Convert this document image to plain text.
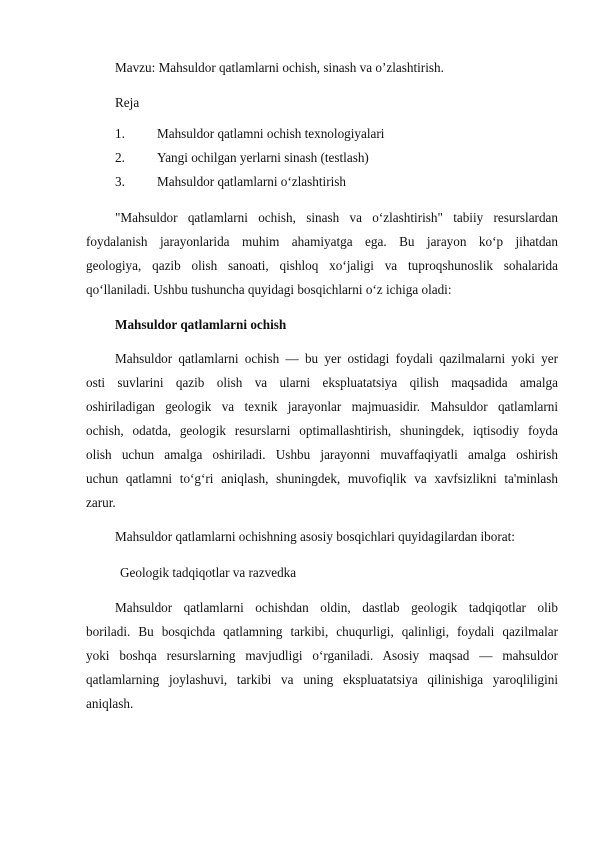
Mavzu: Mahsuldor qatlamlarni ochish, sinash va o’zlashtirish.
Reja
1. Mahsuldor qatlamni ochish texnologiyalari
2. Yangi ochilgan yerlarni sinash (testlash)
3. Mahsuldor qatlamlarni o‘zlashtirish
"Mahsuldor qatlamlarni ochish, sinash va o‘zlashtirish" tabiiy resurslardan
foydalanish jarayonlarida muhim ahamiyatga ega. Bu jarayon ko‘p jihatdan
geologiya, qazib olish sanoati, qishloq xo‘jaligi va tuproqshunoslik sohalarida
qo‘llaniladi. Ushbu tushuncha quyidagi bosqichlarni o‘z ichiga oladi:
Mahsuldor qatlamlarni ochish
Mahsuldor qatlamlarni ochish — bu yer ostidagi foydali qazilmalarni yoki yer
osti suvlarini qazib olish va ularni ekspluatatsiya qilish maqsadida amalga
oshiriladigan geologik va texnik jarayonlar majmuasidir. Mahsuldor qatlamlarni
ochish, odatda, geologik resurslarni optimallashtirish, shuningdek, iqtisodiy foyda
olish uchun amalga oshiriladi. Ushbu jarayonni muvaffaqiyatli amalga oshirish
uchun qatlamni to‘g‘ri aniqlash, shuningdek, muvofiqlik va xavfsizlikni ta'minlash
zarur.
Mahsuldor qatlamlarni ochishning asosiy bosqichlari quyidagilardan iborat:
Geologik tadqiqotlar va razvedka
Mahsuldor qatlamlarni ochishdan oldin, dastlab geologik tadqiqotlar olib
boriladi. Bu bosqichda qatlamning tarkibi, chuqurligi, qalinligi, foydali qazilmalar
yoki boshqa resurslarning mavjudligi o‘rganiladi. Asosiy maqsad — mahsuldor
qatlamlarning joylashuvi, tarkibi va uning ekspluatatsiya qilinishiga yaroqliligini
aniqlash.
